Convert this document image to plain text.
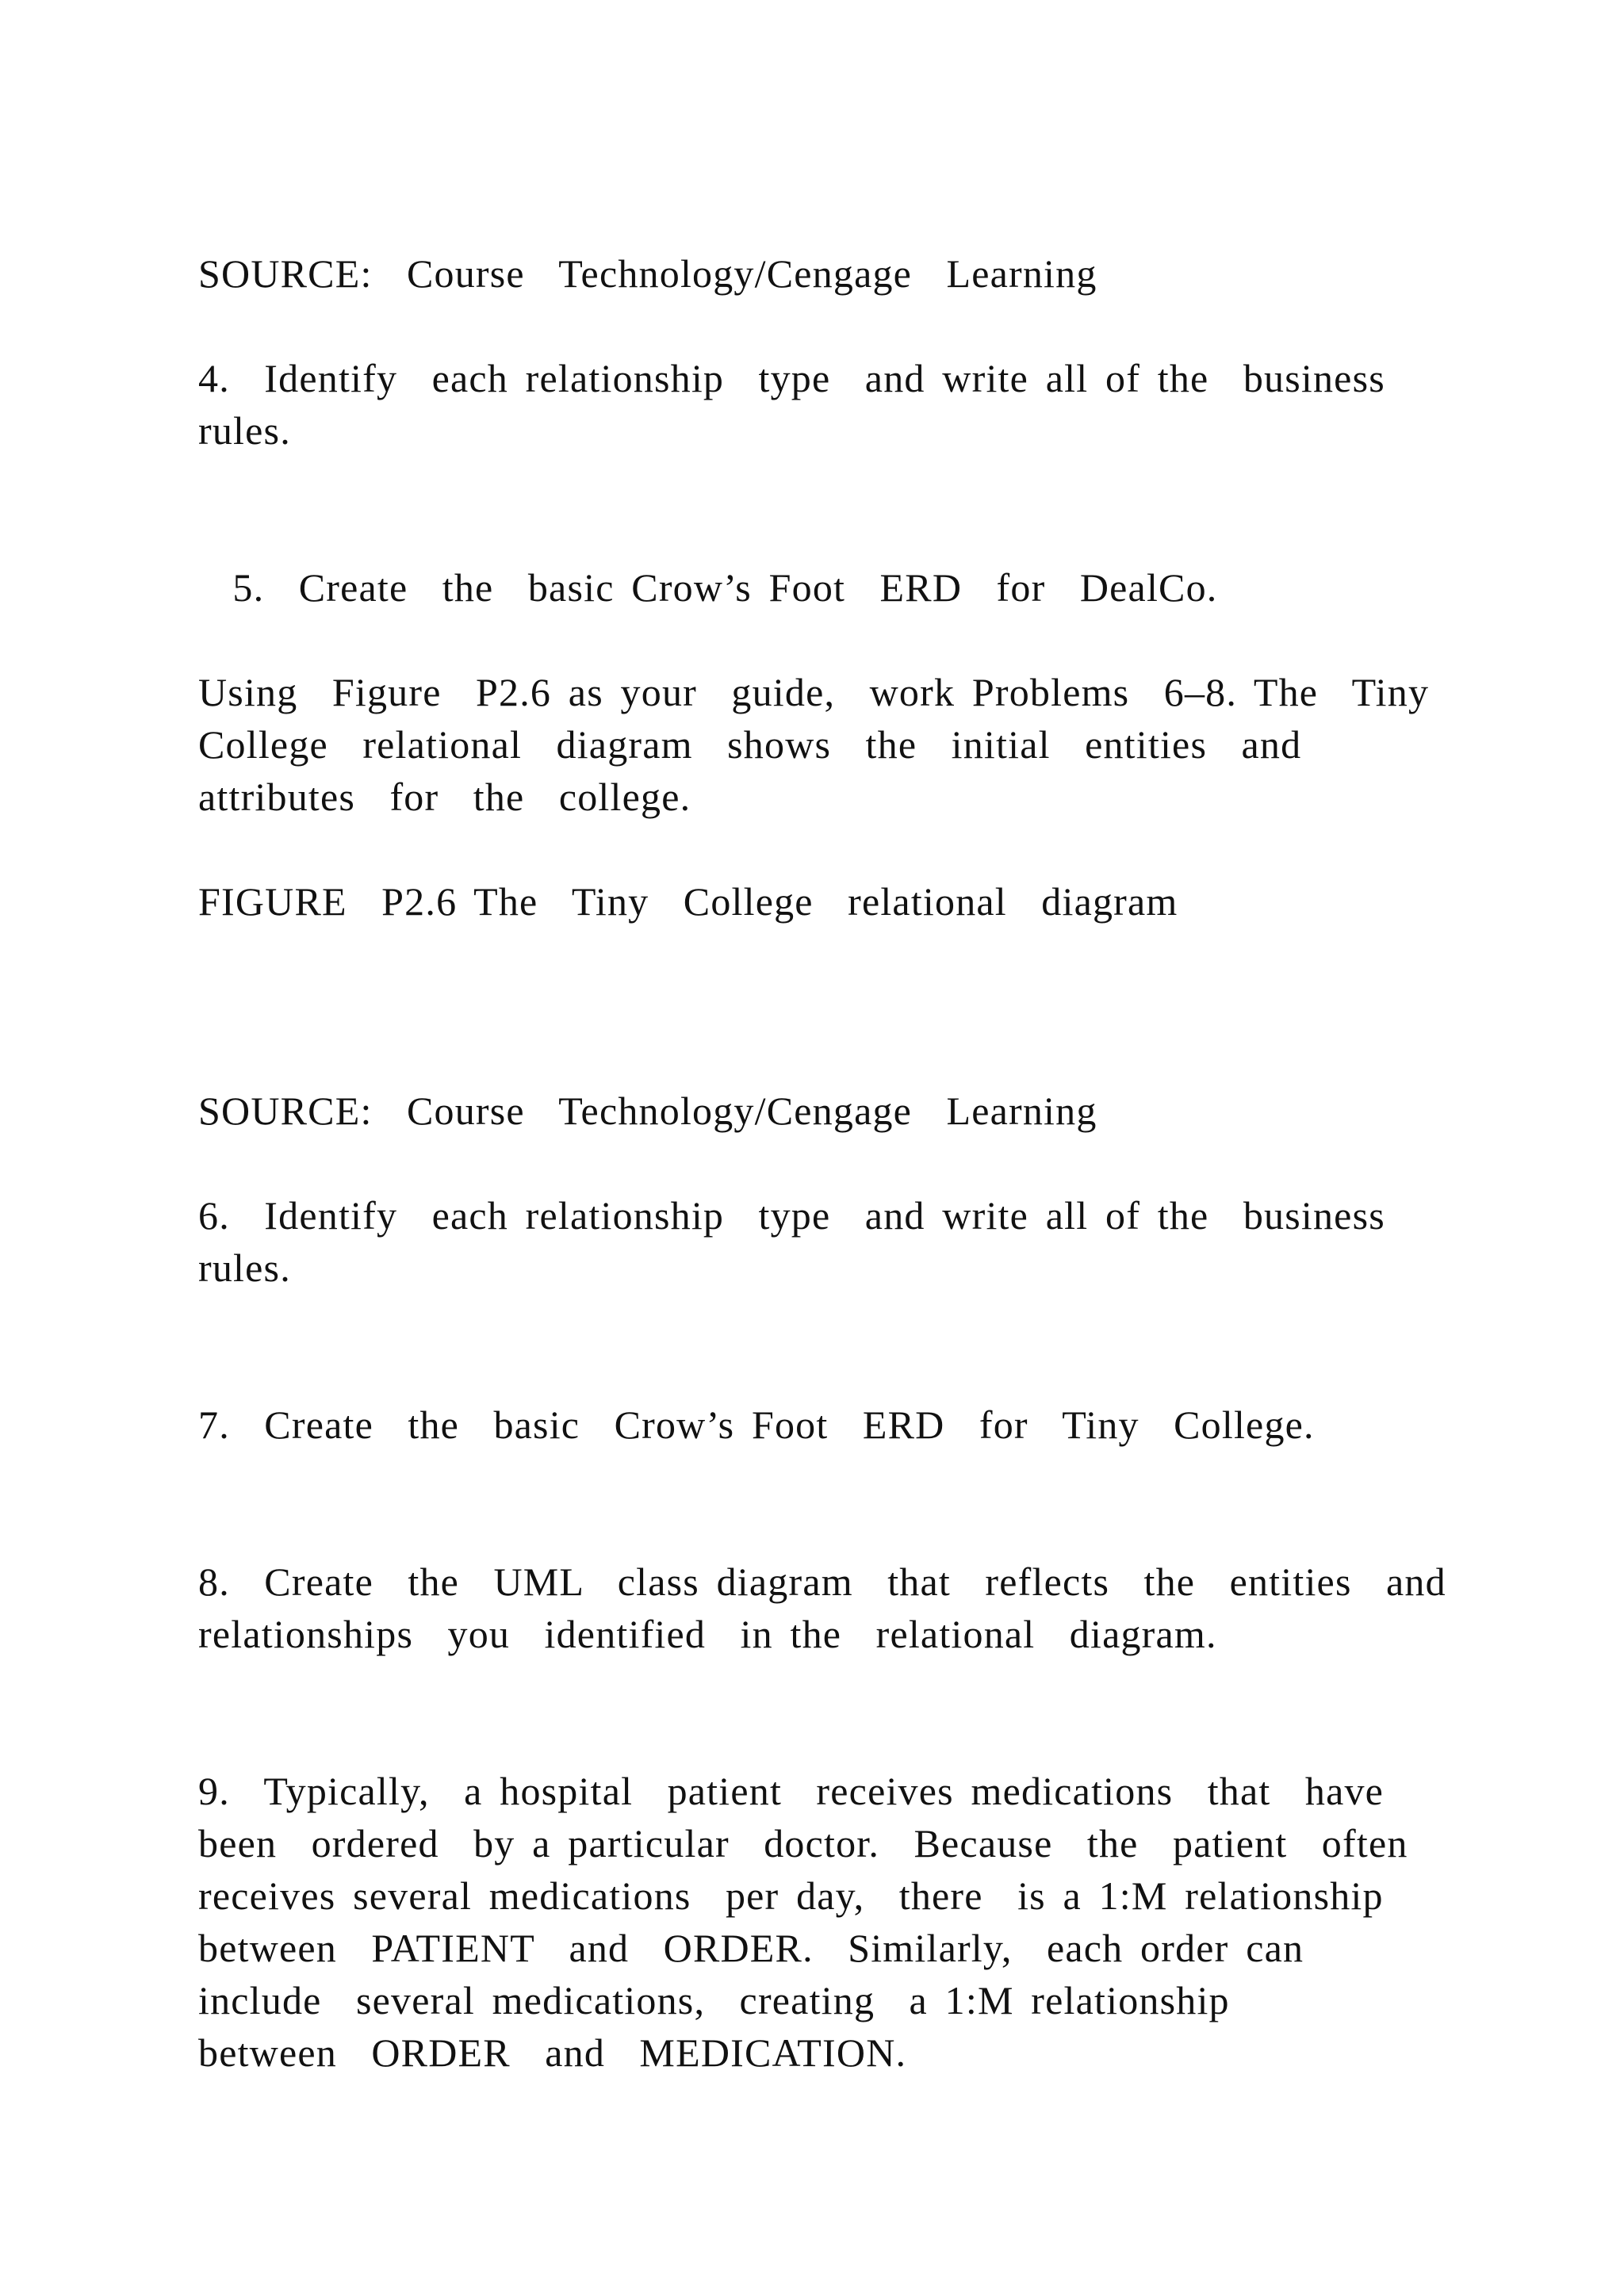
SOURCE:  Course  Technology/Cengage  Learning

4.  Identify  each relationship  type  and write all of the  business

rules.

5.  Create  the  basic Crow’s Foot  ERD  for  DealCo.

Using  Figure  P2.6 as your  guide,  work Problems  6–8. The  Tiny

College  relational  diagram  shows  the  initial  entities  and

attributes  for  the  college.

FIGURE  P2.6 The  Tiny  College  relational  diagram

SOURCE:  Course  Technology/Cengage  Learning

6.  Identify  each relationship  type  and write all of the  business

rules.

7.  Create  the  basic  Crow’s Foot  ERD  for  Tiny  College.

8.  Create  the  UML  class diagram  that  reflects  the  entities  and

relationships  you  identified  in the  relational  diagram.

9.  Typically,  a hospital  patient  receives medications  that  have

been  ordered  by a particular  doctor.  Because  the  patient  often

receives several medications  per day,  there  is a 1:M relationship

between  PATIENT  and  ORDER.  Similarly,  each order can

include  several medications,  creating  a 1:M relationship

between  ORDER  and  MEDICATION.
